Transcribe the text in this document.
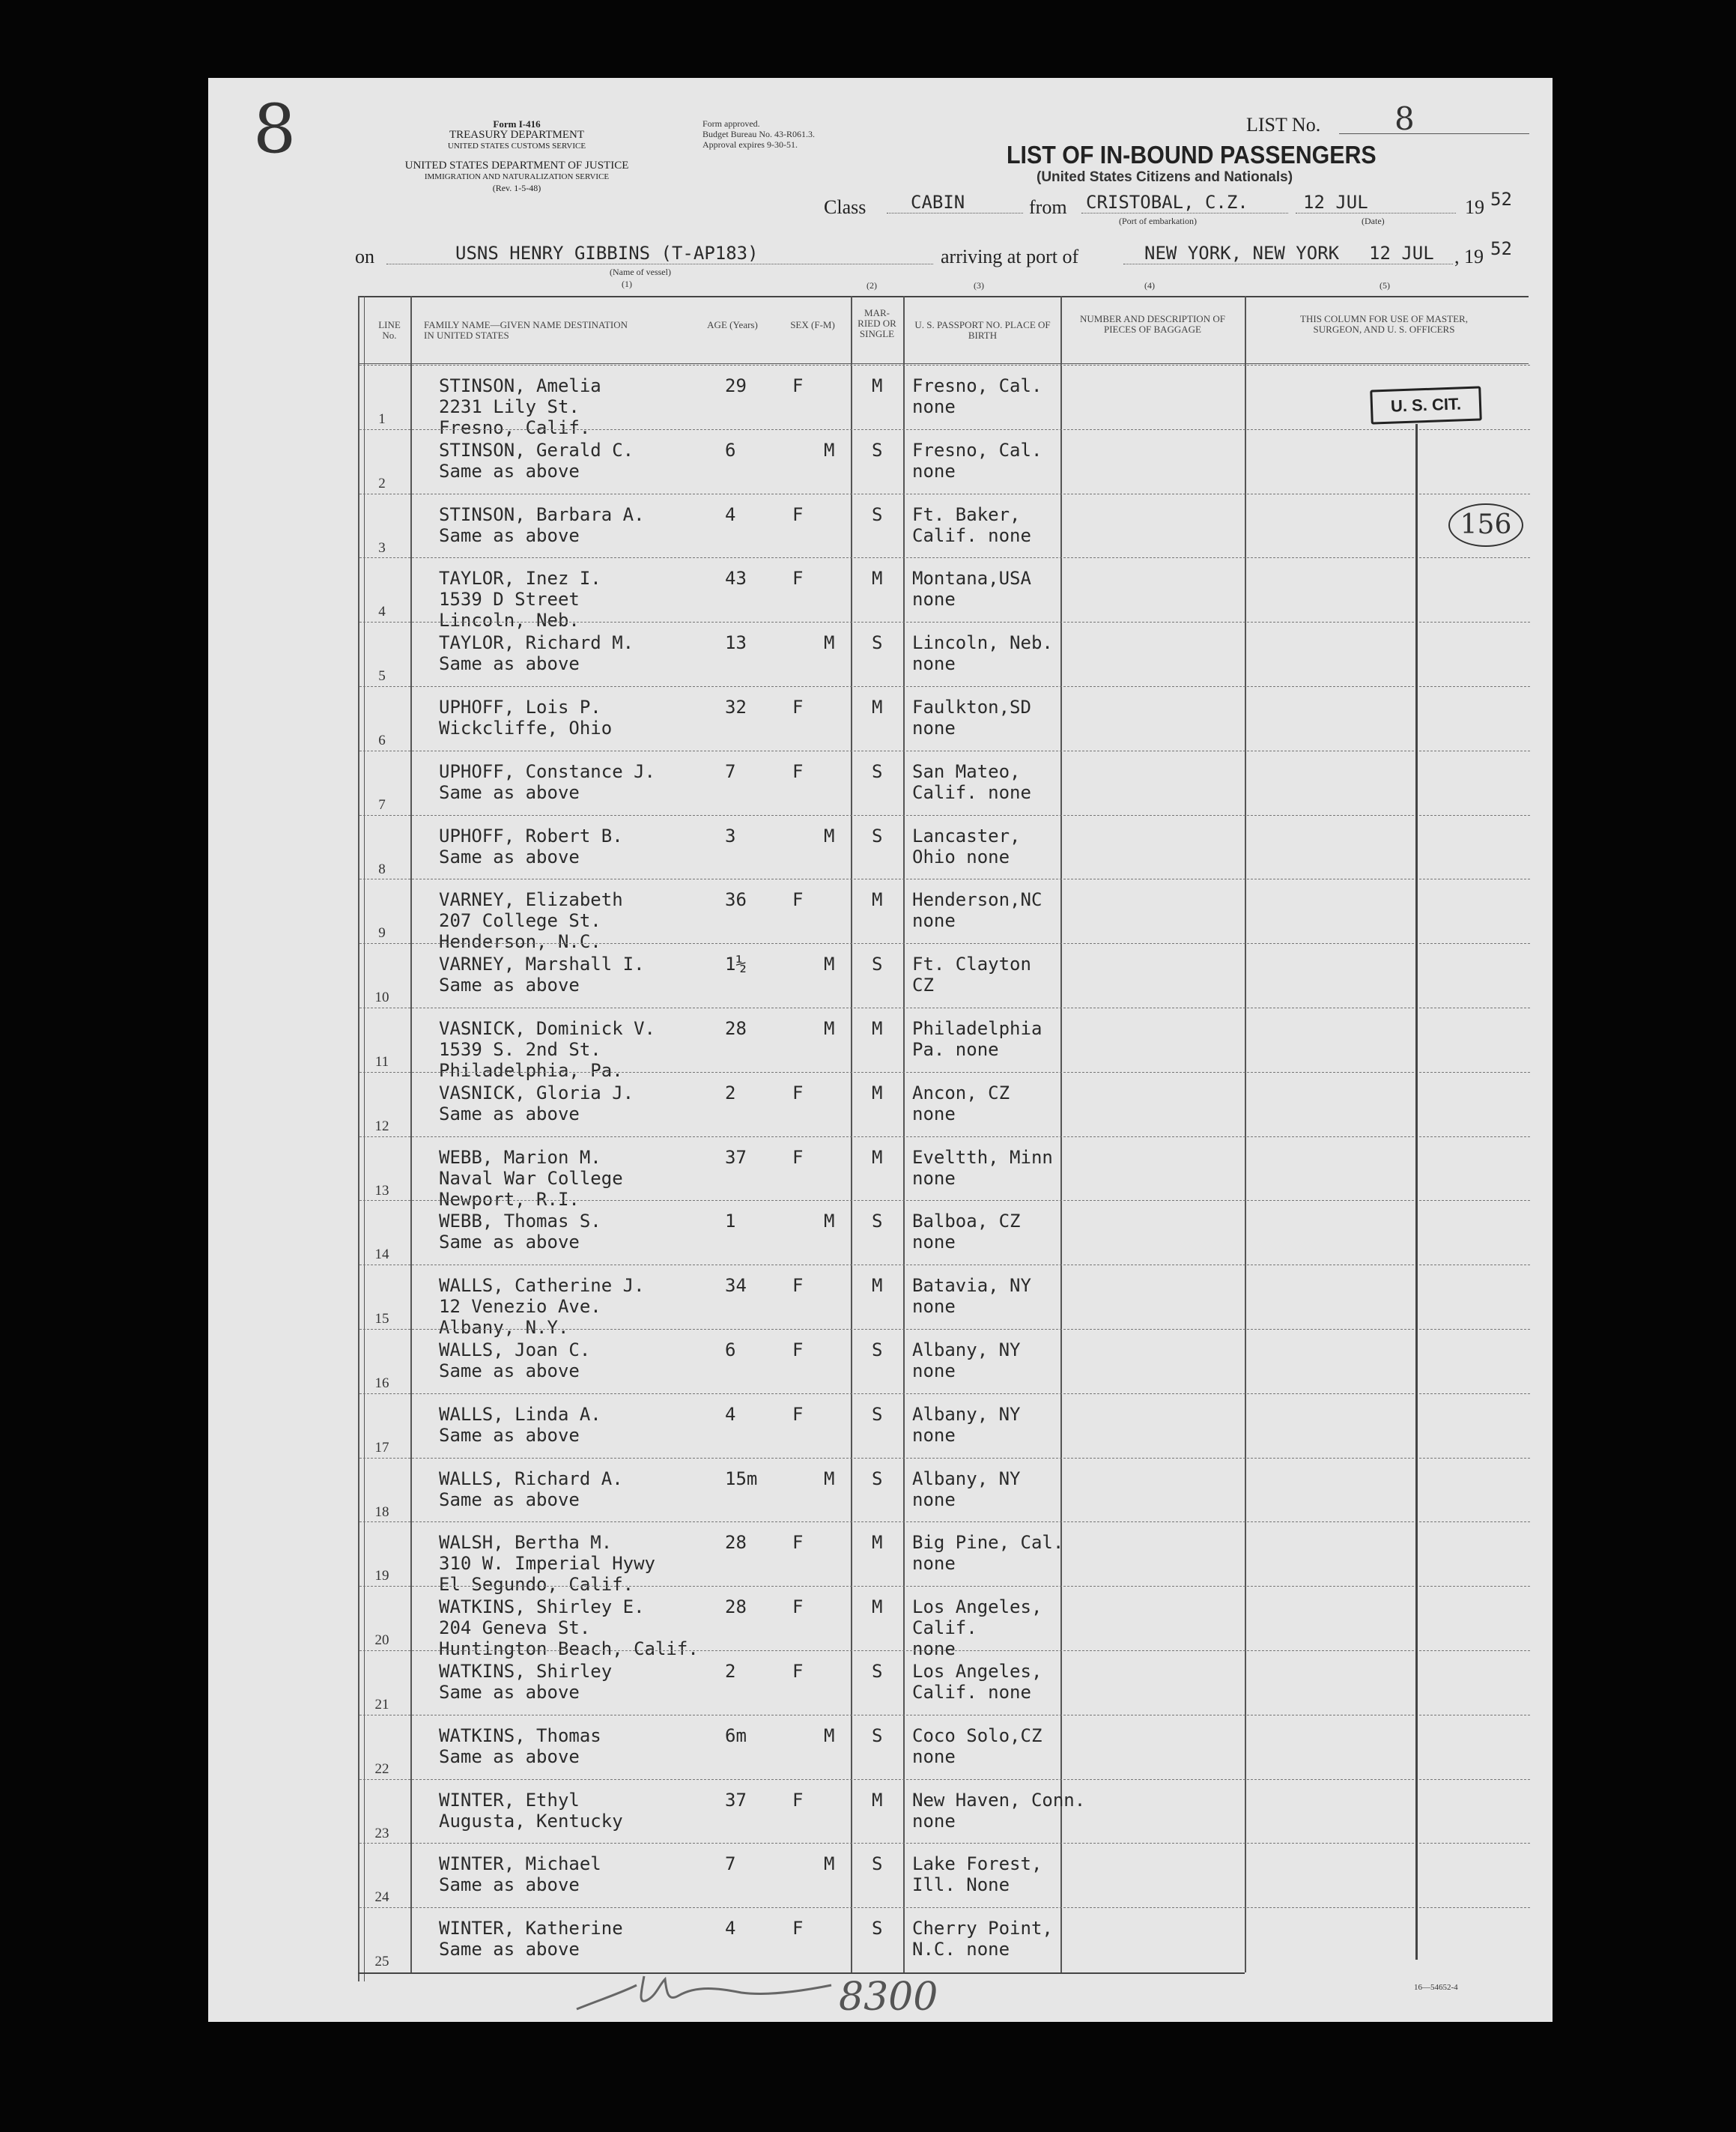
8	Form I-416
TREASURY DEPARTMENT
UNITED STATES CUSTOMS SERVICE
UNITED STATES DEPARTMENT OF JUSTICE
IMMIGRATION AND NATURALIZATION SERVICE
(Rev. 1-5-48)
Form approved.
Budget Bureau No. 43-R061.3.
Approval expires 9-30-51.
LIST No. 8
LIST OF IN-BOUND PASSENGERS
(United States Citizens and Nationals)
Class CABIN	from CRISTOBAL, C.Z.
(Port of embarkation)
12 JUL
(Date)
19 52
on	USNS HENRY GIBBINS (T-AP183)
(Name of vessel)
(1)
arriving at port of	NEW YORK, NEW YORK 12 JUL , 19 52
(2)	(3)	(4)	(5)
LINE No.
FAMILY NAME—GIVEN NAME DESTINATION IN UNITED STATES
AGE (Years)	SEX (F-M)
MAR- RIED OR SINGLE
U. S. PASSPORT NO. PLACE OF BIRTH
NUMBER AND DESCRIPTION OF PIECES OF BAGGAGE
THIS COLUMN FOR USE OF MASTER, SURGEON, AND U. S. OFFICERS
1
STINSON, Amelia
2231 Lily St.
Fresno, Calif.
29	F	M Fresno, Cal.
none
2
STINSON, Gerald C.
Same as above
6	M S Fresno, Cal.
none
3
STINSON, Barbara A.
Same as above
4	F	S Ft. Baker,
Calif. none
4
TAYLOR, Inez I.
1539 D Street
Lincoln, Neb.
43	F	M Montana,USA
none
5
TAYLOR, Richard M.
Same as above
13	M S Lincoln, Neb.
none
6
UPHOFF, Lois P.
Wickcliffe, Ohio
32	F	M Faulkton,SD
none
7
UPHOFF, Constance J.
Same as above
7	F	S San Mateo,
Calif. none
8
UPHOFF, Robert B.
Same as above
3	M S Lancaster,
Ohio none
9
VARNEY, Elizabeth
207 College St.
Henderson, N.C.
36	F	M Henderson,NC
none
10
VARNEY, Marshall I.
Same as above
1½	M S Ft. Clayton
CZ
11
VASNICK, Dominick V.
1539 S. 2nd St.
Philadelphia, Pa.
28	M M Philadelphia
Pa. none
12
VASNICK, Gloria J.
Same as above
2	F	M Ancon, CZ
none
13
WEBB, Marion M.
Naval War College
Newport, R.I.
37	F	M Eveltth, Minn
none
14
WEBB, Thomas S.
Same as above
1	M S Balboa, CZ
none
15
WALLS, Catherine J.
12 Venezio Ave.
Albany, N.Y.
34	F	M Batavia, NY
none
16
WALLS, Joan C.
Same as above
6	F	S Albany, NY
none
17
WALLS, Linda A.
Same as above
4	F	S Albany, NY
none
18
WALLS, Richard A.
Same as above
15m	M S Albany, NY
none
19
WALSH, Bertha M.
310 W. Imperial Hywy
El Segundo, Calif.
28	F	M Big Pine, Cal.
none
20
WATKINS, Shirley E.
204 Geneva St.
Huntington Beach, Calif.
28	F	M Los Angeles,
Calif.
none
21
WATKINS, Shirley
Same as above
2	F	S Los Angeles,
Calif. none
22
WATKINS, Thomas
Same as above
6m	M S Coco Solo,CZ
none
23
WINTER, Ethyl
Augusta, Kentucky
37	F	M New Haven, Conn.
none
24
WINTER, Michael
Same as above
7	M S Lake Forest,
Ill. None
25
WINTER, Katherine
Same as above
4	F	S Cherry Point,
N.C. none
U. S. CIT.
156
8300	16—54652-4
